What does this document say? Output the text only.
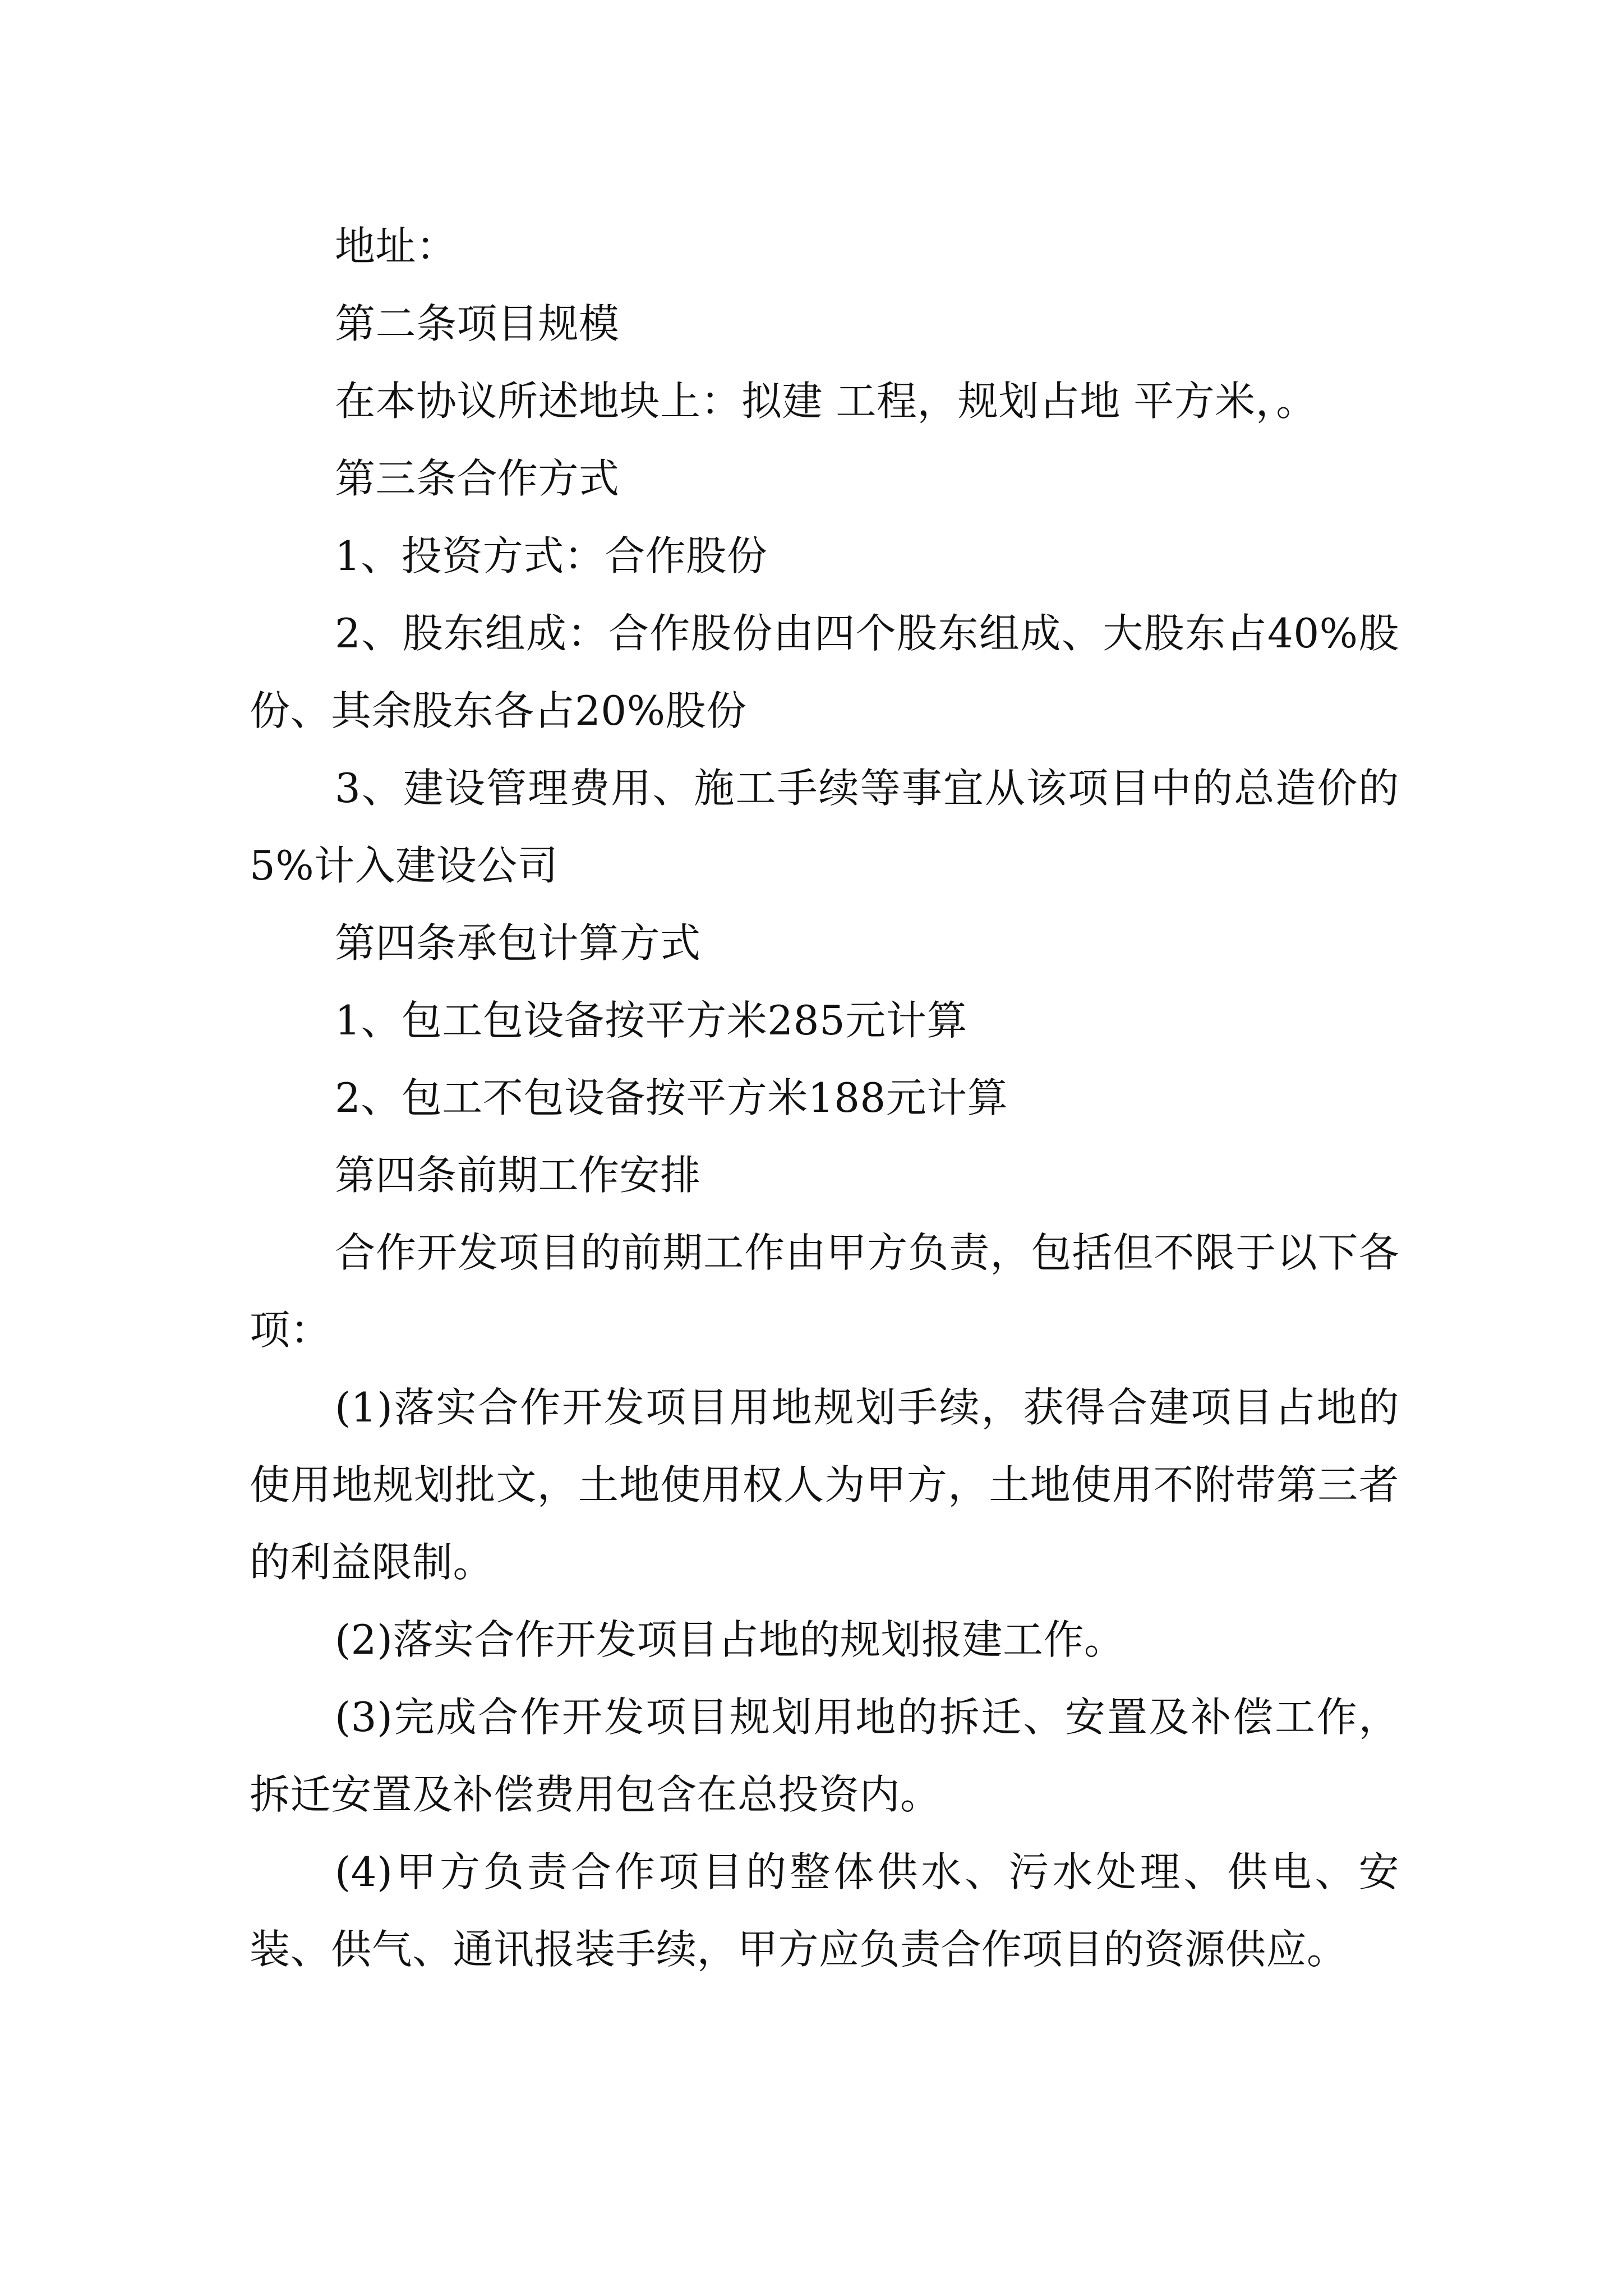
地址：

第二条项目规模

在本协议所述地块上：拟建 工程，规划占地 平方米，。

第三条合作方式

1、投资方式：合作股份

2、股东组成：合作股份由四个股东组成、大股东占40%股份、其余股东各占20%股份

3、建设管理费用、施工手续等事宜从该项目中的总造价的5%计入建设公司

第四条承包计算方式

1、包工包设备按平方米285元计算

2、包工不包设备按平方米188元计算

第四条前期工作安排

合作开发项目的前期工作由甲方负责，包括但不限于以下各项：

(1)落实合作开发项目用地规划手续，获得合建项目占地的使用地规划批文，土地使用权人为甲方，土地使用不附带第三者的利益限制。

(2)落实合作开发项目占地的规划报建工作。

(3)完成合作开发项目规划用地的拆迁、安置及补偿工作，拆迁安置及补偿费用包含在总投资内。

(4)甲方负责合作项目的整体供水、污水处理、供电、安装、供气、通讯报装手续，甲方应负责合作项目的资源供应。
